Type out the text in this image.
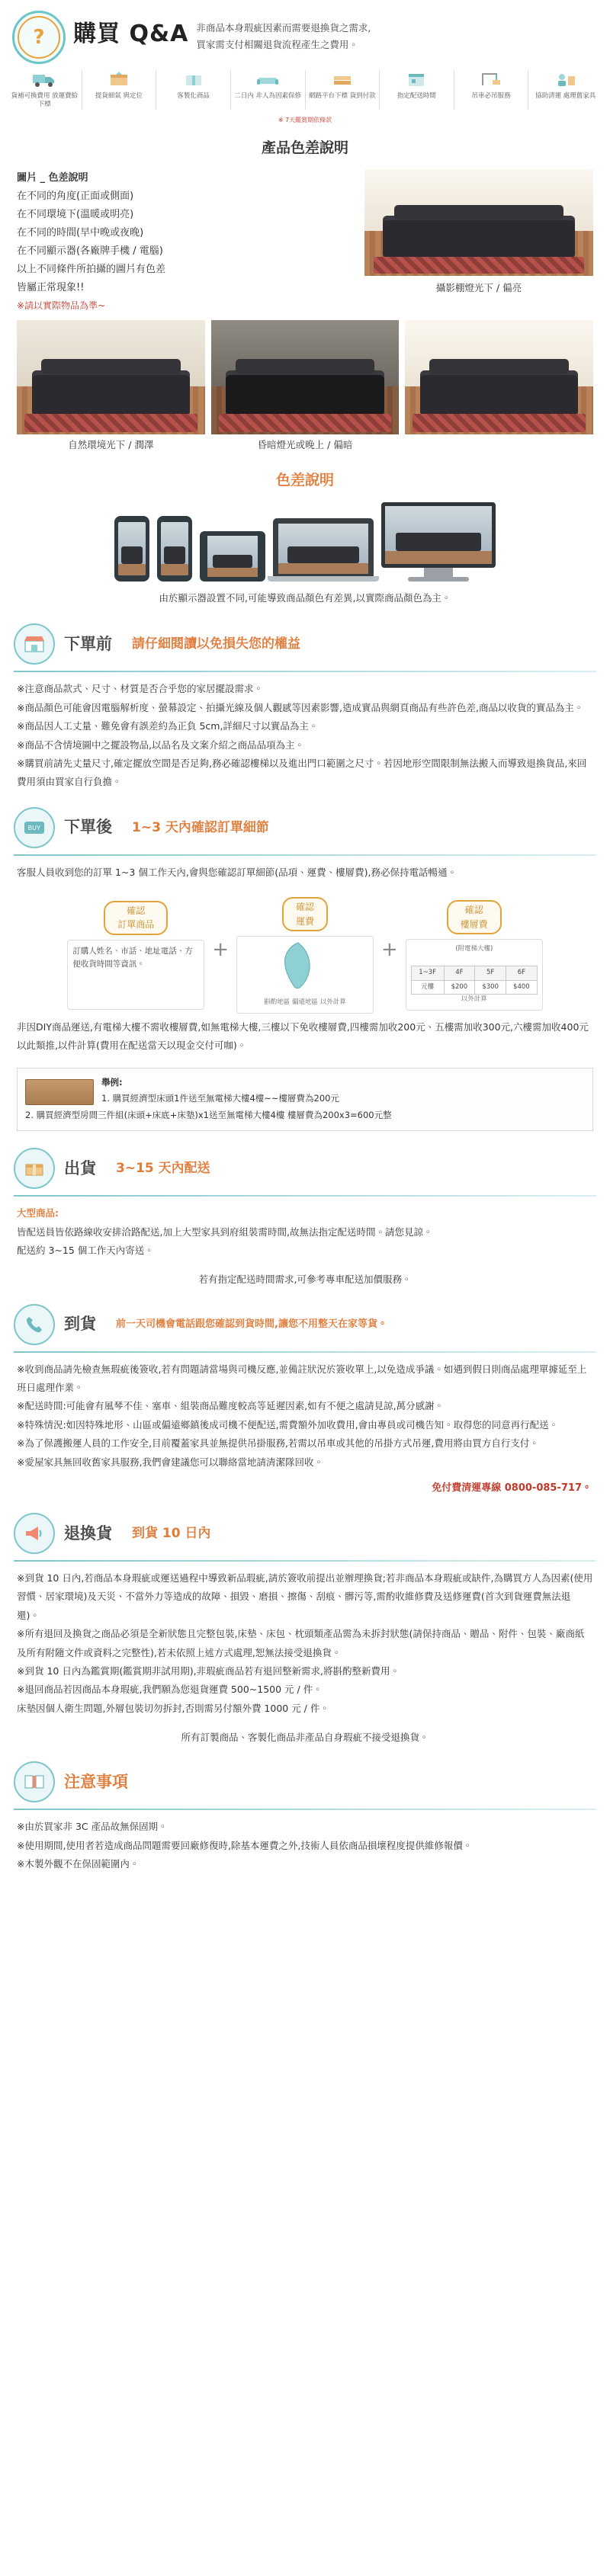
?	購買 Q&A 非商品本身瑕疵因素而需要退換貨之需求,
買家需支付相關退貨流程產生之費用。
貨補可換費用 放運費給下標
提貨細氣 與定位	客製化商品	二日內 非人為因素保修 網路平台下標 貨到付款	指定配送時間	吊車必吊服務	協助清運 處理舊家具
※ 7天鑑賞期依條款
產品色差說明
圖片 _ 色差說明
在不同的角度(正面或側面)
在不同環境下(溫暖或明亮)
在不同的時間(早中晚或夜晚)
在不同顯示器(各廠牌手機 / 電腦)
以上不同條件所拍攝的圖片有色差
皆屬正常現象!!
※請以實際物品為準~
攝影棚燈光下 / 偏亮
自然環境光下 / 潤澤	昏暗燈光或晚上 / 偏暗
色差說明
由於顯示器設置不同,可能導致商品顏色有差異,以實際商品顏色為主。
下單前 請仔細閱讀以免損失您的權益
※注意商品款式、尺寸、材質是否合乎您的家居擺設需求。
※商品顏色可能會因電腦解析度、螢幕設定、拍攝光線及個人觀感等因素影響,造成實品與網頁商品有些許色差,商品以收貨的實品為主。
※商品因人工丈量、難免會有誤差約為正負 5cm,詳細尺寸以實品為主。
※商品不含情境圖中之擺設物品,以品名及文案介紹之商品品項為主。
※購買前請先丈量尺寸,確定擺放空間是否足夠,務必確認樓梯以及進出門口範圍之尺寸。若因地形空間限制無法搬入而導致退換貨品,來回費用須由買家自行負擔。
BUY 下單後 1~3 天內確認訂單細節
客服人員收到您的訂單 1~3 個工作天內,會與您確認訂單細節(品項、運費、樓層費),務必保持電話暢通。
確認
訂單商品
訂購人姓名、市話、地址電話、方便收貨時間等資訊。
+
確認
運費
斟酌地區 偏遠地區 以外計算
+
確認
樓層費
(附電梯大樓)
1~3F	4F	5F	6F
元樓	$200	$300	$400
以外計算
非因DIY商品運送,有電梯大樓不需收樓層費,如無電梯大樓,三樓以下免收樓層費,四樓需加收200元、五樓需加收300元,六樓需加收400元以此類推,以件計算(費用在配送當天以現金交付可咖)。
舉例:
1. 購買經濟型床頭1件送至無電梯大樓4樓~~樓層費為200元
2. 購買經濟型房間三件組(床頭+床底+床墊)x1送至無電梯大樓4樓 樓層費為200x3=600元整
出貨 3~15 天內配送
大型商品:
皆配送員皆依路線收安排洽路配送,加上大型家具到府組裝需時間,故無法指定配送時間。請您見諒。
配送約 3~15 個工作天內寄送。
若有指定配送時間需求,可參考專車配送加價服務。
到貨 前一天司機會電話跟您確認到貨時間,讓您不用整天在家等貨。
※收到商品請先檢查無瑕疵後簽收,若有問題請當場與司機反應,並備註狀況於簽收單上,以免造成爭議。如遇到假日則商品處理單據延至上班日處理作業。
※配送時間:可能會有風琴不佳、塞車、組裝商品難度較高等延遲因素,如有不便之處請見諒,萬分感謝。
※特殊情況:如因特殊地形、山區或偏遠鄉鎮後成司機不便配送,需費額外加收費用,會由專員或司機告知。取得您的同意再行配送。
※為了保護搬運人員的工作安全,目前覆蓋家具並無提供吊掛服務,若需以吊車或其他的吊掛方式吊運,費用將由買方自行支付。
※愛屋家具無回收舊家具服務,我們會建議您可以聯絡當地請清潔隊回收。
免付費清運專線 0800-085-717。
退換貨 到貨 10 日內
※到貨 10 日內,若商品本身瑕疵或運送過程中導致新品瑕疵,請於簽收前提出並辦理換貨;若非商品本身瑕疵或缺件,為購買方人為因素(使用習慣、居家環境)及天災、不當外力等造成的故障、損毀、磨損、擦傷、刮痕、髒污等,需酌收維修費及送修運費(首次到貨運費無法退還)。
※所有退回及換貨之商品必須是全新狀態且完整包裝,床墊、床包、枕頭類產品需為未拆封狀態(請保持商品、贈品、附件、包裝、廠商紙及所有附隨文件或資料之完整性),若未依照上述方式處理,恕無法接受退換貨。
※到貨 10 日內為鑑賞期(鑑賞期非試用期),非瑕疵商品若有退回整新需求,將斟酌整新費用。
※退回商品若因商品本身瑕疵,我們願為您退貨運費 500~1500 元 / 件。
床墊因個人衛生問題,外層包裝切勿拆封,否則需另付額外費 1000 元 / 件。
所有訂製商品、客製化商品非產品自身瑕疵不接受退換貨。
注意事項
※由於買家非 3C 產品故無保固期。
※使用期間,使用者若造成商品問題需要回廠修復時,除基本運費之外,技術人員依商品損壞程度提供維修報價。
※木製外觀不在保固範圍內。
